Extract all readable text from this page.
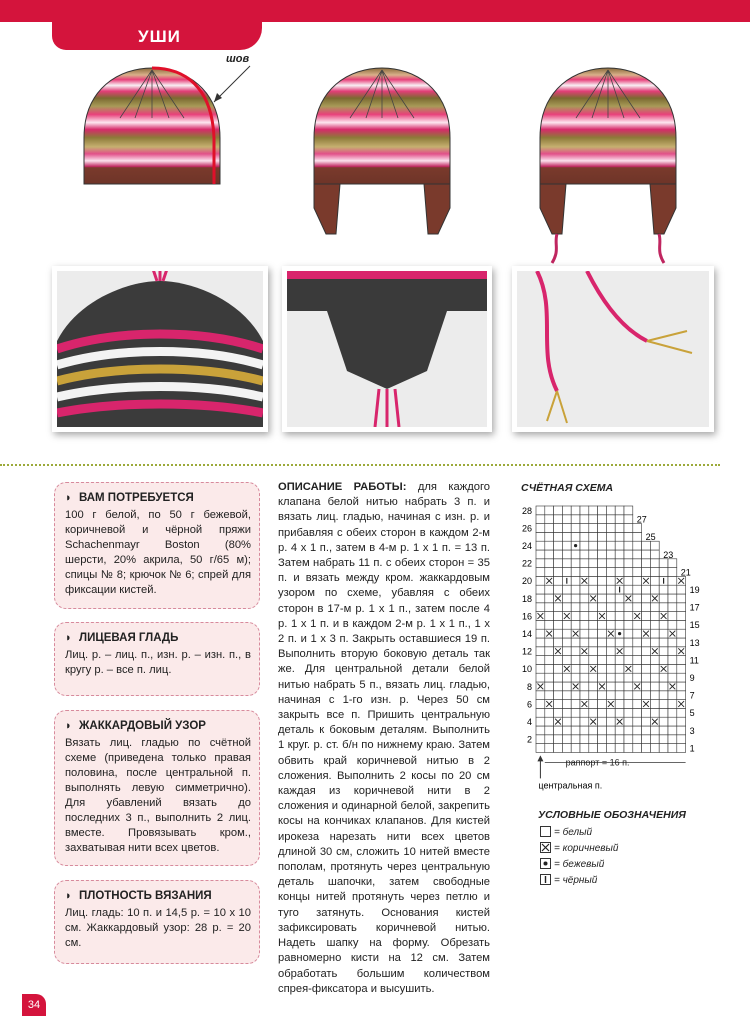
УШИ
шов
◗ ВАМ ПОТРЕБУЕТСЯ

100 г белой, по 50 г бежевой, коричневой и чёрной пряжи Schachenmayr Boston (80% шерсти, 20% акрила, 50 г/65 м); спицы № 8; крючок № 6; спрей для фиксации кистей.

◗ ЛИЦЕВАЯ ГЛАДЬ

Лиц. р. – лиц. п., изн. р. – изн. п., в кругу р. – все п. лиц.

◗ ЖАККАРДОВЫЙ УЗОР

Вязать лиц. гладью по счётной схеме (приведена только правая половина, после центральной п. выполнять левую симметрично). Для убавлений вязать до последних 3 п., выполнить 2 лиц. вместе. Провязывать кром., захватывая нити всех цветов.

◗ ПЛОТНОСТЬ ВЯЗАНИЯ

Лиц. гладь: 10 п. и 14,5 р. = 10 х 10 см. Жаккардовый узор: 28 р. = 20 см.

ОПИСАНИЕ РАБОТЫ: для каждого клапана белой нитью набрать 3 п. и вязать лиц. гладью, начиная с изн. р. и прибавляя с обеих сторон в каждом 2-м р. 4 х 1 п., затем в 4-м р. 1 х 1 п. = 13 п. Затем набрать 11 п. с обеих сторон = 35 п. и вязать между кром. жаккардовым узором по схеме, убавляя с обеих сторон в 17-м р. 1 х 1 п., затем после 4 р. 1 х 1 п. и в каждом 2-м р. 1 х 1 п., 1 х 2 п. и 1 х 3 п. Закрыть оставшиеся 19 п. Выполнить вторую боковую деталь так же. Для центральной детали белой нитью набрать 5 п., вязать лиц. гладью, начиная с 1-го изн. р. Через 50 см закрыть все п. Пришить центральную деталь к боковым деталям. Выполнить 1 круг. р. ст. б/н по нижнему краю. Затем обвить край коричневой нитью в 2 сложения. Выполнить 2 косы по 20 см каждая из коричневой нити в 2 сложения и одинарной белой, закрепить косы на кончиках клапанов. Для кистей ирокеза нарезать нити всех цветов длиной 30 см, сложить 10 нитей вместе пополам, протянуть через центральную деталь шапочки, затем свободные концы нитей протянуть через петлю и туго затянуть. Основания кистей зафиксировать коричневой нитью. Надеть шапку на форму. Обрезать равномерно кисти на 12 см. Затем обработать большим количеством спрея-фиксатора и высушить.
СЧЁТНАЯ СХЕМА
2
4
6
8
10
12
14
16
18
20
22
24
26
28
1
3
5
7
9
11
13
15
17
19
21
23
25
27
раппорт = 16 п.
центральная п.
УСЛОВНЫЕ ОБОЗНАЧЕНИЯ
= белый
= коричневый
= бежевый
= чёрный
34
